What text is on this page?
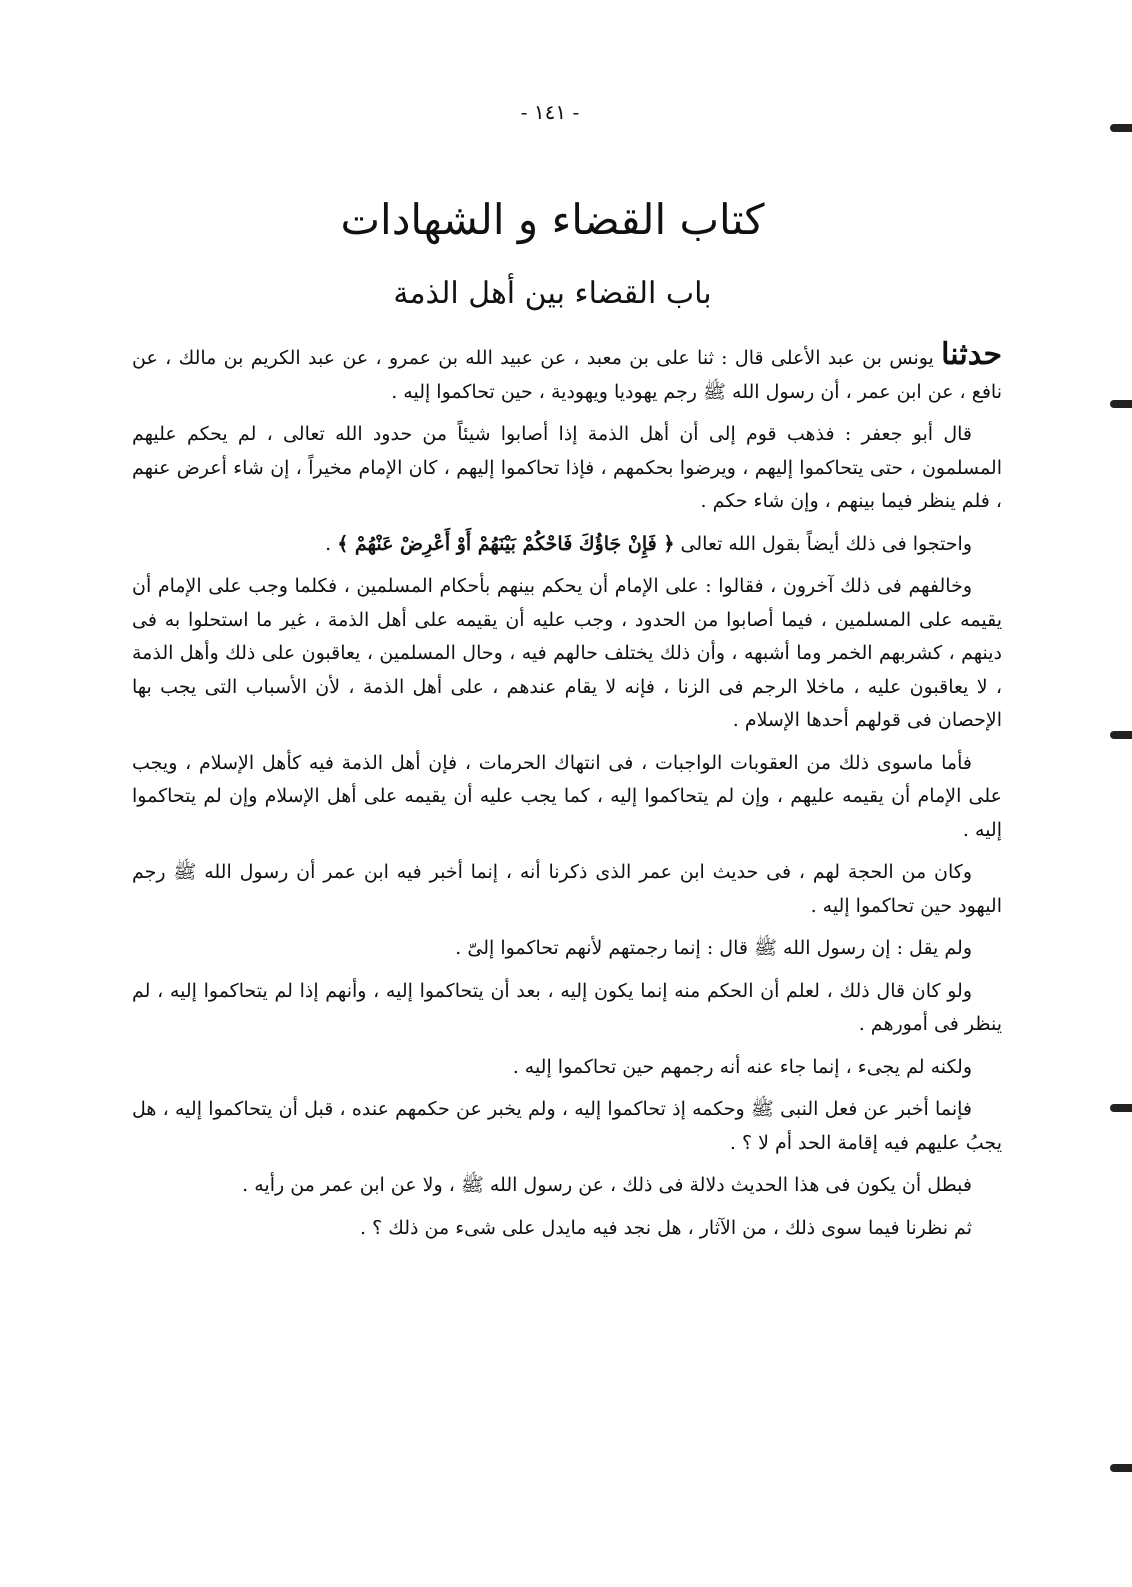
- ١٤١ -
كتاب القضاء و الشهادات
باب القضاء بين أهل الذمة

حدثنا يونس بن عبد الأعلى قال : ثنا على بن معبد ، عن عبيد الله بن عمرو ، عن عبد الكريم بن مالك ، عن نافع ، عن ابن عمر ، أن رسول الله ﷺ رجم يهوديا ويهودية ، حين تحاكموا إليه .

قال أبو جعفر : فذهب قوم إلى أن أهل الذمة إذا أصابوا شيئاً من حدود الله تعالى ، لم يحكم عليهم المسلمون ، حتى يتحاكموا إليهم ، ويرضوا بحكمهم ، فإذا تحاكموا إليهم ، كان الإمام مخيراً ، إن شاء أعرض عنهم ، فلم ينظر فيما بينهم ، وإن شاء حكم .

واحتجوا فى ذلك أيضاً بقول الله تعالى ﴿ فَإِنْ جَاؤُكَ فَاحْكُمْ بَيْنَهُمْ أَوْ أَعْرِضْ عَنْهُمْ ﴾ .

وخالفهم فى ذلك آخرون ، فقالوا : على الإمام أن يحكم بينهم بأحكام المسلمين ، فكلما وجب على الإمام أن يقيمه على المسلمين ، فيما أصابوا من الحدود ، وجب عليه أن يقيمه على أهل الذمة ، غير ما استحلوا به فى دينهم ، كشربهم الخمر وما أشبهه ، وأن ذلك يختلف حالهم فيه ، وحال المسلمين ، يعاقبون على ذلك وأهل الذمة ، لا يعاقبون عليه ، ماخلا الرجم فى الزنا ، فإنه لا يقام عندهم ، على أهل الذمة ، لأن الأسباب التى يجب بها الإحصان فى قولهم أحدها الإسلام .

فأما ماسوى ذلك من العقوبات الواجبات ، فى انتهاك الحرمات ، فإن أهل الذمة فيه كأهل الإسلام ، ويجب على الإمام أن يقيمه عليهم ، وإن لم يتحاكموا إليه ، كما يجب عليه أن يقيمه على أهل الإسلام وإن لم يتحاكموا إليه .

وكان من الحجة لهم ، فى حديث ابن عمر الذى ذكرنا أنه ، إنما أخبر فيه ابن عمر أن رسول الله ﷺ رجم اليهود حين تحاكموا إليه .

ولم يقل : إن رسول الله ﷺ قال : إنما رجمتهم لأنهم تحاكموا إلىّ .

ولو كان قال ذلك ، لعلم أن الحكم منه إنما يكون إليه ، بعد أن يتحاكموا إليه ، وأنهم إذا لم يتحاكموا إليه ، لم ينظر فى أمورهم .

ولكنه لم يجىء ، إنما جاء عنه أنه رجمهم حين تحاكموا إليه .

فإنما أخبر عن فعل النبى ﷺ وحكمه إذ تحاكموا إليه ، ولم يخبر عن حكمهم عنده ، قبل أن يتحاكموا إليه ، هل يجبُ عليهم فيه إقامة الحد أم لا ؟ .

فبطل أن يكون فى هذا الحديث دلالة فى ذلك ، عن رسول الله ﷺ ، ولا عن ابن عمر من رأيه .

ثم نظرنا فيما سوى ذلك ، من الآثار ، هل نجد فيه مايدل على شىء من ذلك ؟ .
